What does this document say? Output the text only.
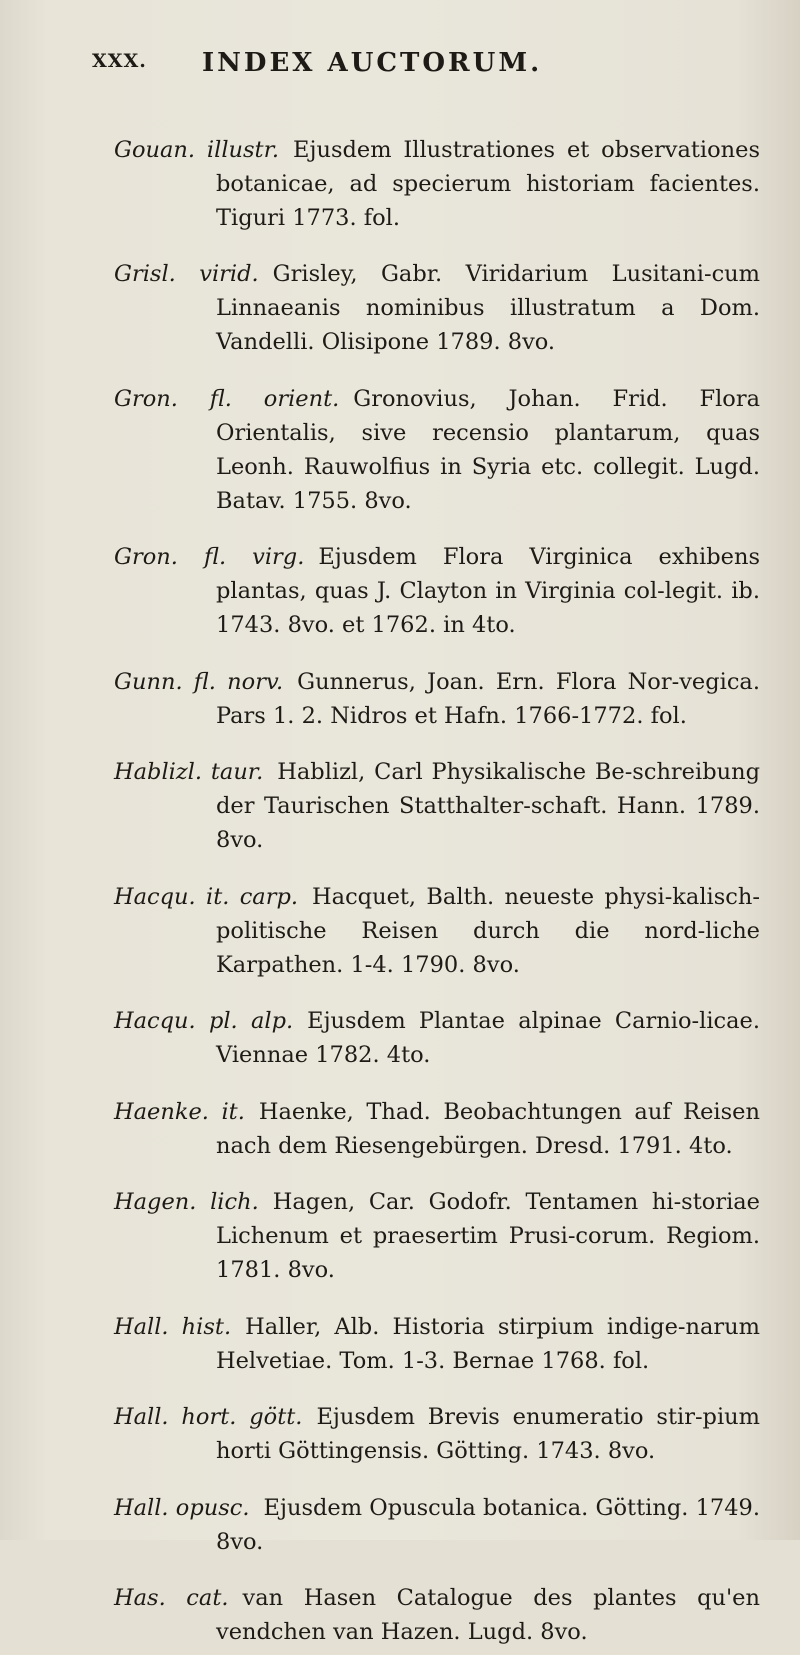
XXX. INDEX AUCTORUM.

Gouan. illustr. Ejusdem Illustrationes et observationes botanicae, ad specierum historiam facientes. Tiguri 1773. fol.

Grisl. virid. Grisley, Gabr. Viridarium Lusitani-cum Linnaeanis nominibus illustratum a Dom. Vandelli. Olisipone 1789. 8vo.

Gron. fl. orient. Gronovius, Johan. Frid. Flora Orientalis, sive recensio plantarum, quas Leonh. Rauwolfius in Syria etc. collegit. Lugd. Batav. 1755. 8vo.

Gron. fl. virg. Ejusdem Flora Virginica exhibens plantas, quas J. Clayton in Virginia col-legit. ib. 1743. 8vo. et 1762. in 4to.

Gunn. fl. norv. Gunnerus, Joan. Ern. Flora Nor-vegica. Pars 1. 2. Nidros et Hafn. 1766-1772. fol.

Hablizl. taur. Hablizl, Carl Physikalische Be-schreibung der Taurischen Statthalter-schaft. Hann. 1789. 8vo.

Hacqu. it. carp. Hacquet, Balth. neueste physi-kalisch-politische Reisen durch die nord-liche Karpathen. 1-4. 1790. 8vo.

Hacqu. pl. alp. Ejusdem Plantae alpinae Carnio-licae. Viennae 1782. 4to.

Haenke. it. Haenke, Thad. Beobachtungen auf Reisen nach dem Riesengebürgen. Dresd. 1791. 4to.

Hagen. lich. Hagen, Car. Godofr. Tentamen hi-storiae Lichenum et praesertim Prusi-corum. Regiom. 1781. 8vo.

Hall. hist. Haller, Alb. Historia stirpium indige-narum Helvetiae. Tom. 1-3. Bernae 1768. fol.

Hall. hort. gött. Ejusdem Brevis enumeratio stir-pium horti Göttingensis. Götting. 1743. 8vo.

Hall. opusc. Ejusdem Opuscula botanica. Götting. 1749. 8vo.

Has. cat. van Hasen Catalogue des plantes qu'en vendchen van Hazen. Lugd. 8vo.
